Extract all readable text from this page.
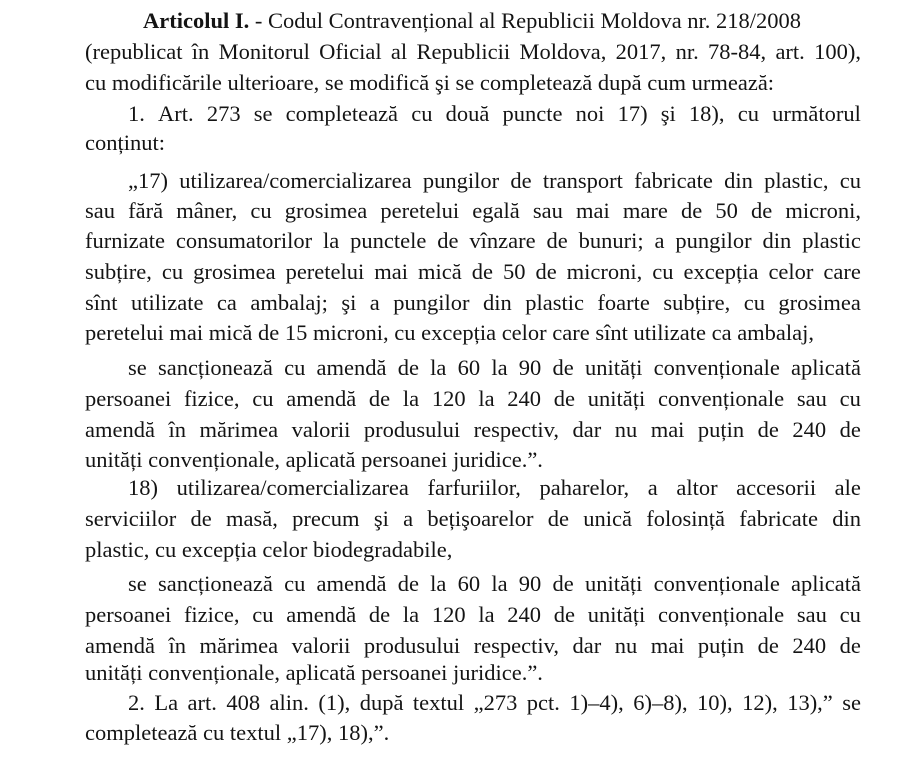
Articolul I. - Codul Contravențional al Republicii Moldova nr. 218/2008
(republicat în Monitorul Oficial al Republicii Moldova, 2017, nr. 78-84, art. 100),
cu modificările ulterioare, se modifică şi se completează după cum urmează:
1. Art. 273 se completează cu două puncte noi 17) şi 18), cu următorul
conținut:
„17) utilizarea/comercializarea pungilor de transport fabricate din plastic, cu
sau fără mâner, cu grosimea peretelui egală sau mai mare de 50 de microni,
furnizate consumatorilor la punctele de vînzare de bunuri; a pungilor din plastic
subțire, cu grosimea peretelui mai mică de 50 de microni, cu excepția celor care
sînt utilizate ca ambalaj; şi a pungilor din plastic foarte subțire, cu grosimea
peretelui mai mică de 15 microni, cu excepția celor care sînt utilizate ca ambalaj,
se sancționează cu amendă de la 60 la 90 de unități convenționale aplicată
persoanei fizice, cu amendă de la 120 la 240 de unități convenționale sau cu
amendă în mărimea valorii produsului respectiv, dar nu mai puțin de 240 de
unități convenționale, aplicată persoanei juridice.”.
18) utilizarea/comercializarea farfuriilor, paharelor, a altor accesorii ale
serviciilor de masă, precum şi a bețişoarelor de unică folosință fabricate din
plastic, cu excepția celor biodegradabile,
se sancționează cu amendă de la 60 la 90 de unități convenționale aplicată
persoanei fizice, cu amendă de la 120 la 240 de unități convenționale sau cu
amendă în mărimea valorii produsului respectiv, dar nu mai puțin de 240 de
unități convenționale, aplicată persoanei juridice.”.
2. La art. 408 alin. (1), după textul „273 pct. 1)–4), 6)–8), 10), 12), 13),” se
completează cu textul „17), 18),”.
